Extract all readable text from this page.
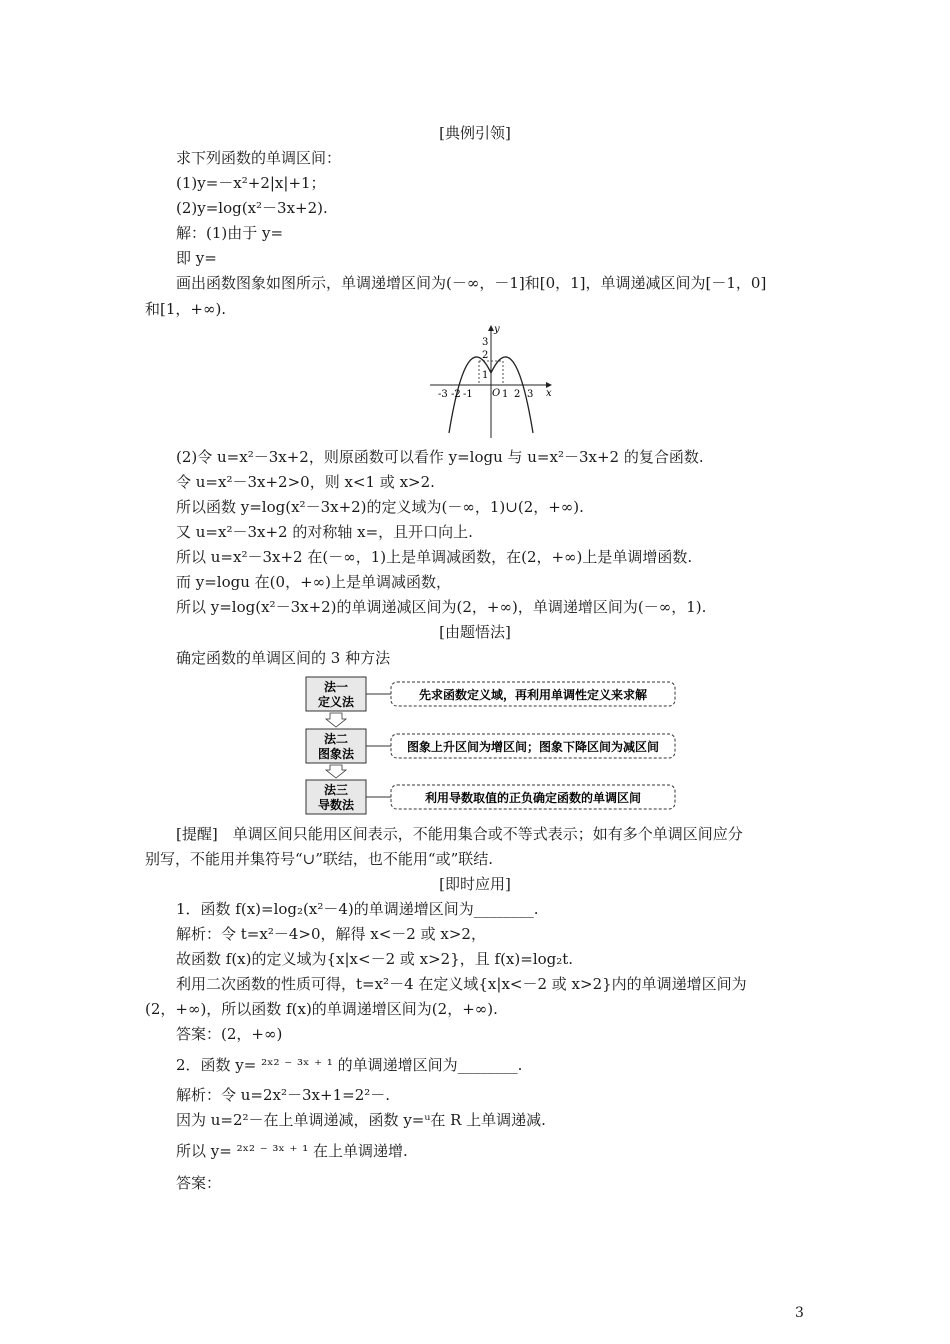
[典例引领]
求下列函数的单调区间：
(1)y=－x²+2|x|+1；
(2)y=log(x²－3x+2).
解：(1)由于 y=
即 y=
画出函数图象如图所示，单调递增区间为(－∞，－1]和[0，1]，单调递减区间为[－1，0]
和[1，+∞).
y
x
O
-3 -2 -1	1 2 3
1
2
3
(2)令 u=x²－3x+2，则原函数可以看作 y=logu 与 u=x²－3x+2 的复合函数.
令 u=x²－3x+2>0，则 x<1 或 x>2.
所以函数 y=log(x²－3x+2)的定义域为(－∞，1)∪(2，+∞).
又 u=x²－3x+2 的对称轴 x=，且开口向上.
所以 u=x²－3x+2 在(－∞，1)上是单调减函数，在(2，+∞)上是单调增函数.
而 y=logu 在(0，+∞)上是单调减函数，
所以 y=log(x²－3x+2)的单调递减区间为(2，+∞)，单调递增区间为(－∞，1).
[由题悟法]
确定函数的单调区间的 3 种方法
法一
定义法
法二
图象法
法三
导数法
先求函数定义域，再利用单调性定义来求解
图象上升区间为增区间；图象下降区间为减区间
利用导数取值的正负确定函数的单调区间
[提醒]　单调区间只能用区间表示，不能用集合或不等式表示；如有多个单调区间应分
别写，不能用并集符号“∪”联结，也不能用“或”联结.
[即时应用]
1．函数 f(x)=log₂(x²－4)的单调递增区间为________.
解析：令 t=x²－4>0，解得 x<－2 或 x>2，
故函数 f(x)的定义域为{x|x<－2 或 x>2}，且 f(x)=log₂t.
利用二次函数的性质可得，t=x²－4 在定义域{x|x<－2 或 x>2}内的单调递增区间为
(2，+∞)，所以函数 f(x)的单调递增区间为(2，+∞).
答案：(2，+∞)
2．函数 y= ²ˣ² ⁻ ³ˣ ⁺ ¹ 的单调递增区间为________.
解析：令 u=2x²－3x+1=2²－.
因为 u=2²－在上单调递减，函数 y=ᵘ在 R 上单调递减.
所以 y= ²ˣ² ⁻ ³ˣ ⁺ ¹ 在上单调递增.
答案：
3
